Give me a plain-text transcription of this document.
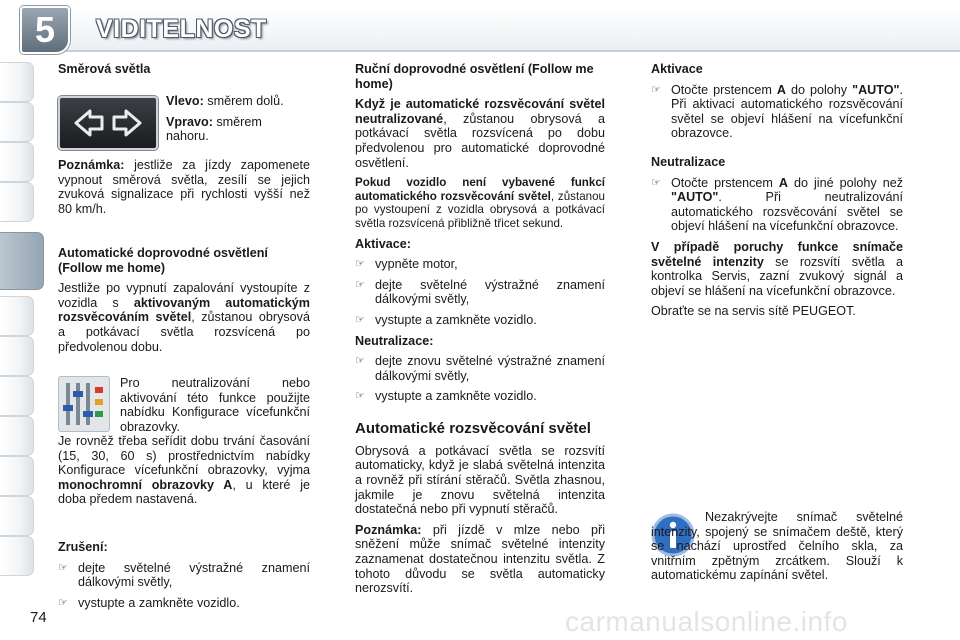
5	VIDITELNOST
Směrová světla

Vlevo: směrem dolů.

Vpravo: směrem nahoru.

Poznámka: jestliže za jízdy zapomenete vypnout směrová světla, zesílí se jejich zvuková signalizace při rychlosti vyšší než 80 km/h.

Automatické doprovodné osvětlení (Follow me home)

Jestliže po vypnutí zapalování vystoupíte z vozidla s aktivovaným automatickým rozsvěcováním světel, zůstanou obrysová a potkávací světla rozsvícená po předvolenou dobu.

Pro neutralizování nebo aktivování této funkce použijte nabídku Konfigurace vícefunkční obrazovky.

Je rovněž třeba seřídit dobu trvání časování (15, 30, 60 s) prostřednictvím nabídky Konfigurace vícefunkční obrazovky, vyjma monochromní obrazovky A, u které je doba předem nastavená.

Zrušení:
☞ dejte světelné výstražné znamení dálkovými světly,
☞ vystupte a zamkněte vozidlo.
Ruční doprovodné osvětlení (Follow me home)

Když je automatické rozsvěcování světel neutralizované, zůstanou obrysová a potkávací světla rozsvícená po dobu předvolenou pro automatické doprovodné osvětlení.

Pokud vozidlo není vybavené funkcí automatického rozsvěcování světel, zůstanou po vystoupení z vozidla obrysová a potkávací světla rozsvícená přibližně třicet sekund.

Aktivace:
☞ vypněte motor,
☞ dejte světelné výstražné znamení dálkovými světly,
☞ vystupte a zamkněte vozidlo.
Neutralizace:
☞ dejte znovu světelné výstražné znamení dálkovými světly,
☞ vystupte a zamkněte vozidlo.
Automatické rozsvěcování světel

Obrysová a potkávací světla se rozsvítí automaticky, když je slabá světelná intenzita a rovněž při stírání stěračů. Světla zhasnou, jakmile je znovu světelná intenzita dostatečná nebo při vypnutí stěračů.

Poznámka: při jízdě v mlze nebo při sněžení může snímač světelné intenzity zaznamenat dostatečnou intenzitu světla. Z tohoto důvodu se světla automaticky nerozsvítí.

Aktivace
☞ Otočte prstencem A do polohy "AUTO". Při aktivaci automatického rozsvěcování světel se objeví hlášení na vícefunkční obrazovce.
Neutralizace
☞ Otočte prstencem A do jiné polohy než "AUTO". Při neutralizování automatického rozsvěcování světel se objeví hlášení na vícefunkční obrazovce.

V případě poruchy funkce snímače světelné intenzity se rozsvítí světla a kontrolka Servis, zazní zvukový signál a objeví se hlášení na vícefunkční obrazovce.

Obraťte se na servis sítě PEUGEOT.

Nezakrývejte snímač světelné intenzity, spojený se snímačem deště, který se nachází uprostřed čelního skla, za vnitřním zpětným zrcátkem. Slouží k automatickému zapínání světel.

74	carmanualsonline.info
